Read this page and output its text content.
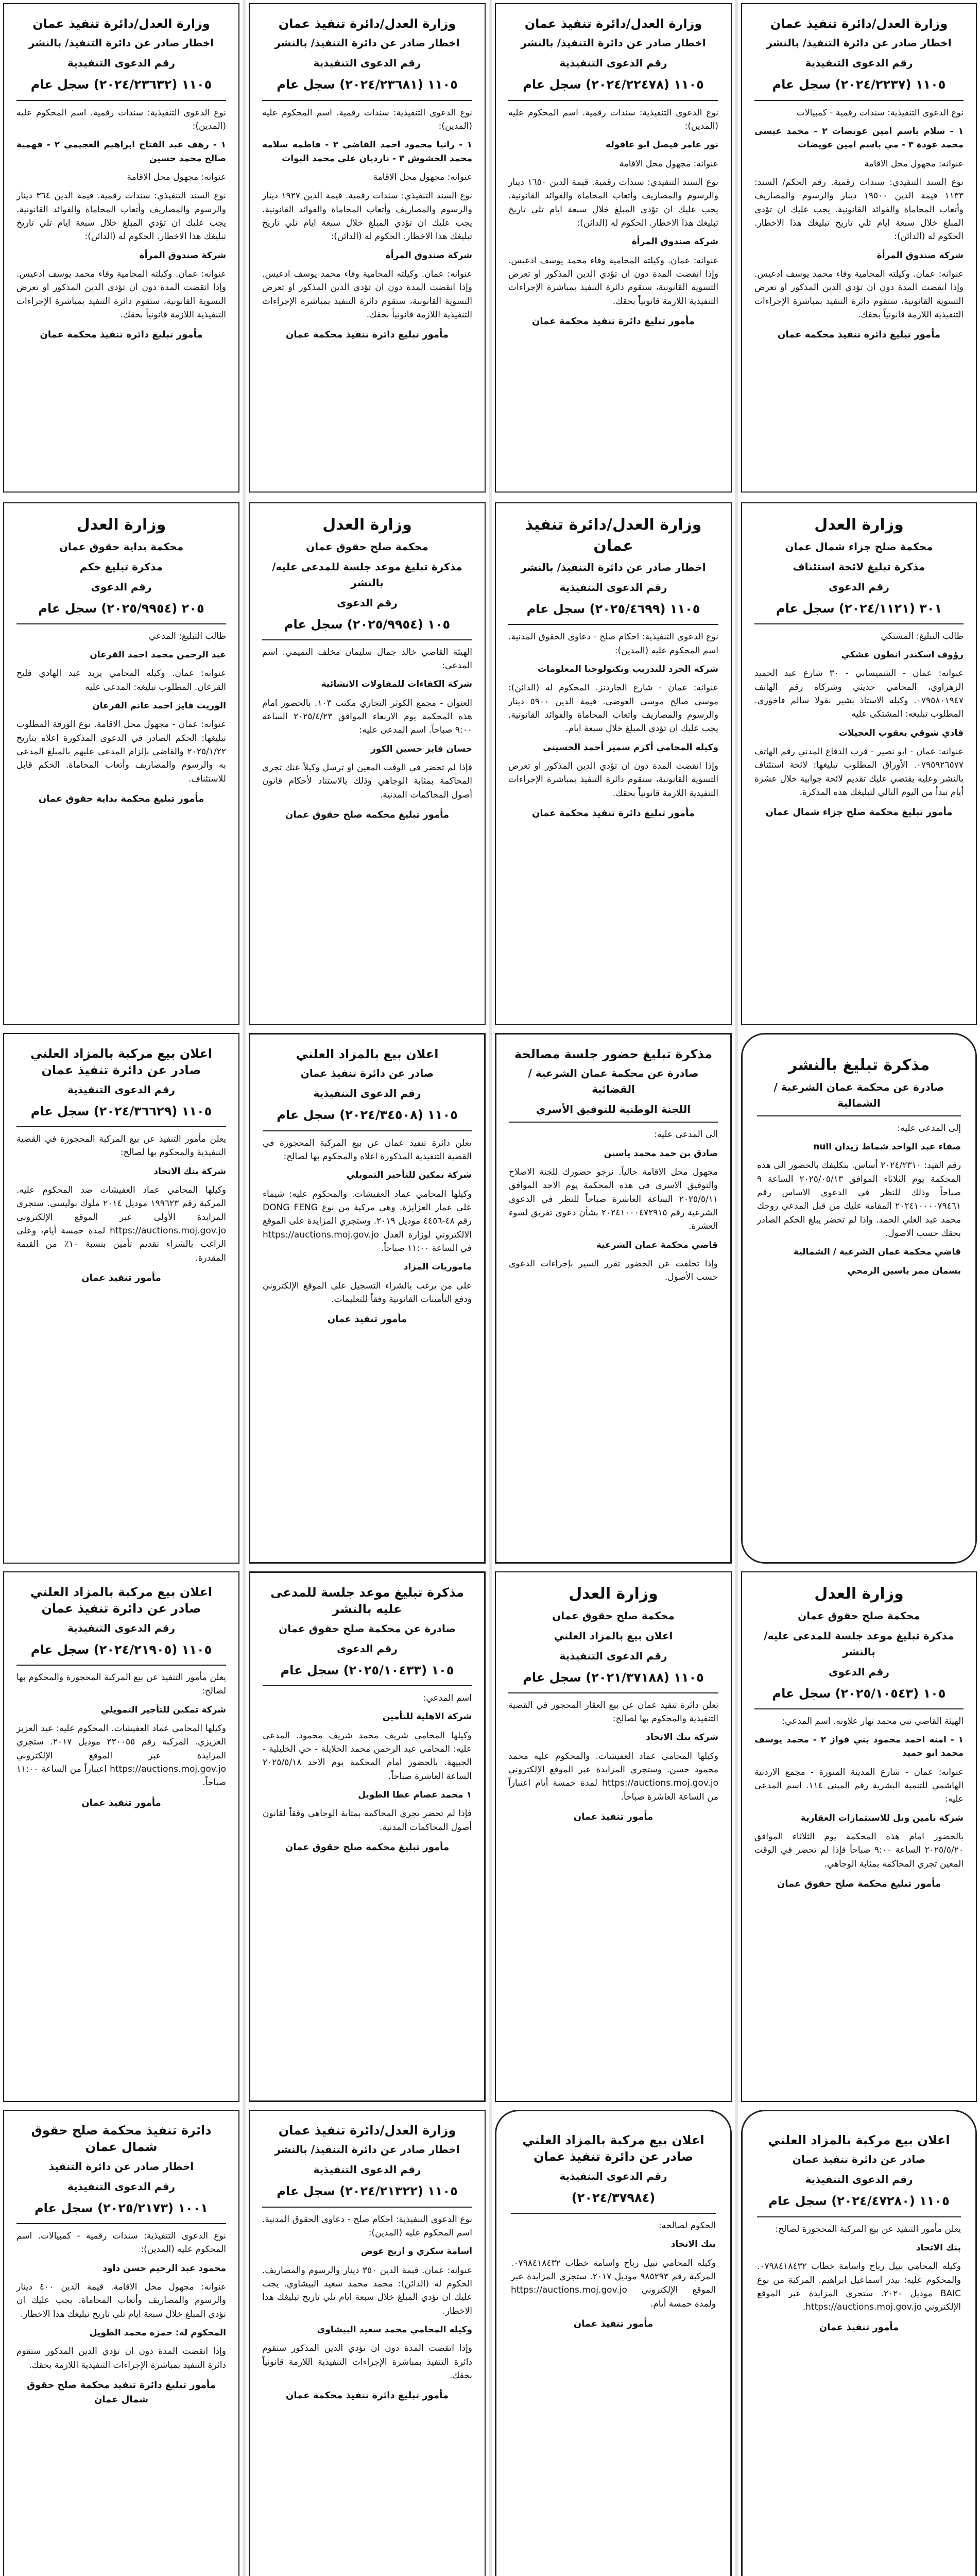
وزارة العدل/دائرة تنفيذ عمان
اخطار صادر عن دائرة التنفيذ/ بالنشر
رقم الدعوى التنفيذية
١١٠٥ (٢٠٢٤/٢٢٣٧) سجل عام

نوع الدعوى التنفيذية: سندات رقمية - كمبيالات

١ - سلام باسم امين عويضات ٢ - محمد عيسى محمد عودة ٣ - مي باسم امين عويضات

عنوانه: مجهول محل الاقامة

نوع السند التنفيذي: سندات رقمية. رقم الحكم/ السند: ١١٣٣ قيمة الدين ١٩٥٠٠ دينار والرسوم والمصاريف وأتعاب المحاماة والفوائد القانونية. يجب عليك ان تؤدي المبلغ خلال سبعة ايام تلي تاريخ تبليغك هذا الاخطار. الحكوم له (الدائن):

شركة صندوق المرأة

عنوانه: عمان. وكيلته المحامية وفاء محمد يوسف ادعيس. وإذا انقضت المدة دون ان تؤدي الدين المذكور او تعرض التسوية القانونية، ستقوم دائرة التنفيذ بمباشرة الإجراءات التنفيذية اللازمة قانونياً بحقك.

مأمور تبليغ دائرة تنفيذ محكمة عمان
وزارة العدل/دائرة تنفيذ عمان
اخطار صادر عن دائرة التنفيذ/ بالنشر
رقم الدعوى التنفيذية
١١٠٥ (٢٠٢٤/٢٢٤٧٨) سجل عام

نوع الدعوى التنفيذية: سندات رقمية. اسم المحكوم عليه (المدين):

نور عامر فيصل ابو عاقوله

عنوانه: مجهول محل الاقامة

نوع السند التنفيذي: سندات رقمية. قيمة الدين ١٦٥٠ دينار والرسوم والمصاريف وأتعاب المحاماة والفوائد القانونية. يجب عليك ان تؤدي المبلغ خلال سبعة ايام تلي تاريخ تبليغك هذا الاخطار. الحكوم له (الدائن):

شركة صندوق المرأة

عنوانه: عمان. وكيلته المحامية وفاء محمد يوسف ادعيس. وإذا انقضت المدة دون ان تؤدي الدين المذكور او تعرض التسوية القانونية، ستقوم دائرة التنفيذ بمباشرة الإجراءات التنفيذية اللازمة قانونياً بحقك.

مأمور تبليغ دائرة تنفيذ محكمة عمان
وزارة العدل/دائرة تنفيذ عمان
اخطار صادر عن دائرة التنفيذ/ بالنشر
رقم الدعوى التنفيذية
١١٠٥ (٢٠٢٤/٢٣٦٨١) سجل عام

نوع الدعوى التنفيذية: سندات رقمية. اسم المحكوم عليه (المدين):

١ - رانيا محمود احمد القاضي ٢ - فاطمه سلامه محمد الحشوش ٣ - نارديان علي محمد البواث

عنوانه: مجهول محل الاقامة

نوع السند التنفيذي: سندات رقمية. قيمة الدين ١٩٢٧ دينار والرسوم والمصاريف وأتعاب المحاماة والفوائد القانونية. يجب عليك ان تؤدي المبلغ خلال سبعة ايام تلي تاريخ تبليغك هذا الاخطار. الحكوم له (الدائن):

شركة صندوق المرأة

عنوانه: عمان. وكيلته المحامية وفاء محمد يوسف ادعيس. وإذا انقضت المدة دون ان تؤدي الدين المذكور او تعرض التسوية القانونية، ستقوم دائرة التنفيذ بمباشرة الإجراءات التنفيذية اللازمة قانونياً بحقك.

مأمور تبليغ دائرة تنفيذ محكمة عمان
وزارة العدل/دائرة تنفيذ عمان
اخطار صادر عن دائرة التنفيذ/ بالنشر
رقم الدعوى التنفيذية
١١٠٥ (٢٠٢٤/٢٣٦٣٢) سجل عام

نوع الدعوى التنفيذية: سندات رقمية. اسم المحكوم عليه (المدين):

١ - رهف عبد الفتاح ابراهيم العجيمي ٢ - فهمية صالح محمد حسين

عنوانه: مجهول محل الاقامة

نوع السند التنفيذي: سندات رقمية. قيمة الدين ٣٦٤ دينار والرسوم والمصاريف وأتعاب المحاماة والفوائد القانونية. يجب عليك ان تؤدي المبلغ خلال سبعة ايام تلي تاريخ تبليغك هذا الاخطار. الحكوم له (الدائن):

شركة صندوق المرأة

عنوانه: عمان. وكيلته المحامية وفاء محمد يوسف ادعيس. وإذا انقضت المدة دون ان تؤدي الدين المذكور او تعرض التسوية القانونية، ستقوم دائرة التنفيذ بمباشرة الإجراءات التنفيذية اللازمة قانونياً بحقك.

مأمور تبليغ دائرة تنفيذ محكمة عمان
وزارة العدل
محكمة صلح جزاء شمال عمان
مذكرة تبليغ لائحة استئناف
رقم الدعوى
٣٠١ (٢٠٢٤/١١٢١) سجل عام

طالب التبليغ: المشتكي

رؤوف اسكندر انطون عشكي

عنوانه: عمان - الشميساني - ٣٠ شارع عبد الحميد الزهراوي، المحامي حديثي وشركاه رقم الهاتف ٠٧٩٥٨٠١٩٤٧. وكيله الاستاذ بشير نقولا سالم فاخوري. المطلوب تبليغه: المشتكى عليه

فادي شوقي يعقوب العجيلات

عنوانه: عمان - ابو نصير - قرب الدفاع المدني رقم الهاتف ٠٧٩٥٩٢٦٥٧٧. الأوراق المطلوب تبليغها: لائحة استئناف بالنشر وعليه يقتضي عليك تقديم لائحة جوابية خلال عشرة أيام تبدأ من اليوم التالي لتبليغك هذه المذكرة.

مأمور تبليغ محكمة صلح جزاء شمال عمان
وزارة العدل/دائرة تنفيذ عمان
اخطار صادر عن دائرة التنفيذ/ بالنشر
رقم الدعوى التنفيذية
١١٠٥ (٢٠٢٥/٤٦٩٩) سجل عام

نوع الدعوى التنفيذية: احكام صلح - دعاوى الحقوق المدنية. اسم المحكوم عليه (المدين):

شركة الجرد للتدريب وتكنولوجيا المعلومات

عنوانه: عمان - شارع الجاردنز. المحكوم له (الدائن): موسى صالح موسى العوضي. قيمة الدين ٥٩٠٠ دينار والرسوم والمصاريف وأتعاب المحاماة والفوائد القانونية. يجب عليك ان تؤدي المبلغ خلال سبعة ايام.

وكيله المحامي أكرم سمير أحمد الحسيني

وإذا انقضت المدة دون ان تؤدي الدين المذكور او تعرض التسوية القانونية، ستقوم دائرة التنفيذ بمباشرة الإجراءات التنفيذية اللازمة قانونياً بحقك.

مأمور تبليغ دائرة تنفيذ محكمة عمان
وزارة العدل
محكمة صلح حقوق عمان
مذكرة تبليغ موعد جلسة للمدعى عليه/ بالنشر
رقم الدعوى
١٠٥ (٢٠٢٥/٩٩٥٤) سجل عام

الهيئة القاضي خالد جمال سليمان مخلف التميمي. اسم المدعي:

شركة الكفاءات للمقاولات الانشائية

العنوان - مجمع الكوثر التجاري مكتب ١٠٣. بالحضور امام هذه المحكمة يوم الاربعاء الموافق ٢٠٢٥/٤/٢٣ الساعة ٩:٠٠ صباحاً. اسم المدعى عليه:

حسان فايز حسين الكوز

فإذا لم تحضر في الوقت المعين او ترسل وكيلاً عنك تجري المحاكمة بمثابة الوجاهي وذلك بالاستناد لأحكام قانون أصول المحاكمات المدنية.

مأمور تبليغ محكمة صلح حقوق عمان
وزارة العدل
محكمة بداية حقوق عمان
مذكرة تبليغ حكم
رقم الدعوى
٢٠٥ (٢٠٢٥/٩٩٥٤) سجل عام

طالب التبليغ: المدعي

عبد الرحمن محمد احمد القرعان

عنوانه: عمان. وكيله المحامي يزيد عبد الهادي فليح القرعان. المطلوب تبليغه: المدعى عليه

الوريث فايز احمد غانم القرعان

عنوانه: عمان - مجهول محل الاقامة. نوع الورقة المطلوب تبليغها: الحكم الصادر في الدعوى المذكورة اعلاه بتاريخ ٢٠٢٥/١/٢٢ والقاضي بإلزام المدعى عليهم بالمبلغ المدعى به والرسوم والمصاريف وأتعاب المحاماة. الحكم قابل للاستئناف.

مأمور تبليغ محكمة بداية حقوق عمان
مذكرة تبليغ بالنشر
صادرة عن محكمة عمان الشرعية / الشمالية

إلى المدعى عليه:

صفاء عبد الواحد شماط زيدان null

رقم القيد: ٢٠٢٤/٢٣١٠ أساس. بتكليفك بالحضور الى هذه المحكمة يوم الثلاثاء الموافق ٢٠٢٥/٠٥/١٣ الساعة ٩ صباحاً وذلك للنظر في الدعوى الاساس رقم ٢٠٢٤١٠٠٠٠٧٩٤٦١ المقامة عليك من قبل المدعي زوجك محمد عبد العلي الحمد. واذا لم تحضر يبلغ الحكم الصادر بحقك حسب الاصول.

قاضي محكمة عمان الشرعية / الشمالية

بسمان ممر ياسين الرمحي

مذكرة تبليغ حضور جلسة مصالحة
صادرة عن محكمة عمان الشرعية / القضائية
اللجنة الوطنية للتوفيق الأسري

الى المدعى عليه:

صادق بن حمد محمد ياسين

مجهول محل الاقامة حالياً. نرجو حضورك للجنة الاصلاح والتوفيق الاسري في هذه المحكمة يوم الاحد الموافق ٢٠٢٥/٥/١١ الساعة العاشرة صباحاً للنظر في الدعوى الشرعية رقم ٢٠٢٤١٠٠٠٤٧٢٩١٥ بشأن دعوى تفريق لسوء العشرة.

قاضي محكمة عمان الشرعية

وإذا تخلفت عن الحضور تقرر السير بإجراءات الدعوى حسب الأصول.

اعلان بيع بالمزاد العلني
صادر عن دائرة تنفيذ عمان
رقم الدعوى التنفيذية
١١٠٥ (٢٠٢٤/٣٤٥٠٨) سجل عام

تعلن دائرة تنفيذ عمان عن بيع المركبة المحجوزة في القضية التنفيذية المذكورة اعلاه والمحكوم بها لصالح:

شركة تمكين للتأجير التمويلي

وكيلها المحامي عماد العفيشات. والمحكوم عليه: شيماء علي عمار العزايزة. وهي مركبة من نوع DONG FENG رقم ٤٨-٤٤٥٦ موديل ٢٠١٩. وستجري المزايدة على الموقع الالكتروني لوزارة العدل https://auctions.moj.gov.jo في الساعة ١١:٠٠ صباحاً.

ماموريات المزاد

على من يرغب بالشراء التسجيل على الموقع الإلكتروني ودفع التأمينات القانونية وفقاً للتعليمات.

مأمور تنفيذ عمان
اعلان بيع مركبة بالمزاد العلني صادر عن دائرة تنفيذ عمان
رقم الدعوى التنفيذية
١١٠٥ (٢٠٢٤/٣٦٦٢٩) سجل عام

يعلن مأمور التنفيذ عن بيع المركبة المحجوزة في القضية التنفيذية والمحكوم بها لصالح:

شركة بنك الاتحاد

وكيلها المحامي عماد العفيشات ضد المحكوم عليه. المركبة رقم ١٩٩٦٢٣ موديل ٢٠١٤ ملوك بوليسي. ستجري المزايدة الأولى عبر الموقع الإلكتروني https://auctions.moj.gov.jo لمدة خمسة أيام، وعلى الراغب بالشراء تقديم تأمين بنسبة ١٠٪ من القيمة المقدرة.

مأمور تنفيذ عمان
وزارة العدل
محكمة صلح حقوق عمان
مذكرة تبليغ موعد جلسة للمدعى عليه/ بالنشر
رقم الدعوى
١٠٥ (٢٠٢٥/١٠٥٤٣) سجل عام

الهيئة القاضي نبي محمد نهار علاونه. اسم المدعي:

١ - امنه احمد محمود بني فواز ٢ - محمد يوسف محمد ابو حميد

عنوانه: عمان - شارع المدينة المنورة - مجمع الاردنية الهاشمي للتنمية البشرية رقم المبنى ١١٤. اسم المدعى عليه:

شركة تامين ويل للاستثمارات العقارية

بالحضور امام هذه المحكمة يوم الثلاثاء الموافق ٢٠٢٥/٥/٢٠ الساعة ٩:٠٠ صباحاً فإذا لم تحضر في الوقت المعين تجري المحاكمة بمثابة الوجاهي.

مأمور تبليغ محكمة صلح حقوق عمان
وزارة العدل
محكمة صلح حقوق عمان
اعلان بيع بالمزاد العلني
رقم الدعوى التنفيذية
١١٠٥ (٢٠٢١/٣٧١٨٨) سجل عام

تعلن دائرة تنفيذ عمان عن بيع العقار المحجوز في القضية التنفيذية والمحكوم بها لصالح:

شركة بنك الاتحاد

وكيلها المحامي عماد العفيشات. والمحكوم عليه محمد محمود حسن. وستجري المزايدة عبر الموقع الإلكتروني https://auctions.moj.gov.jo لمدة خمسة أيام اعتباراً من الساعة العاشرة صباحاً.

مأمور تنفيذ عمان
مذكرة تبليغ موعد جلسة للمدعى عليه بالنشر
صادرة عن محكمة صلح حقوق عمان
رقم الدعوى
١٠٥ (٢٠٢٥/١٠٤٣٣) سجل عام

اسم المدعي:

شركة الاهلية للتأمين

وكيلها المحامي شريف محمد شريف محمود. المدعى عليه: المحامي عبد الرحمن محمد الخلايلة - حي الخليلية - الجبيهة. بالحضور امام المحكمة يوم الاحد ٢٠٢٥/٥/١٨ الساعة العاشرة صباحاً.

١ محمد عصام عطا الطويل

فإذا لم تحضر تجري المحاكمة بمثابة الوجاهي وفقاً لقانون أصول المحاكمات المدنية.

مأمور تبليغ محكمة صلح حقوق عمان
اعلان بيع مركبة بالمزاد العلني صادر عن دائرة تنفيذ عمان
رقم الدعوى التنفيذية
١١٠٥ (٢٠٢٤/٢١٩٠٥) سجل عام

يعلن مأمور التنفيذ عن بيع المركبة المحجوزة والمحكوم بها لصالح:

شركة تمكين للتأجير التمويلي

وكيلها المحامي عماد العفيشات. المحكوم عليه: عبد العزيز العزيزي. المركبة رقم ٢٣٠٠٥٥ موديل ٢٠١٧. ستجري المزايدة عبر الموقع الإلكتروني https://auctions.moj.gov.jo اعتباراً من الساعة ١١:٠٠ صباحاً.

مأمور تنفيذ عمان
اعلان بيع مركبة بالمزاد العلني
صادر عن دائرة تنفيذ عمان
رقم الدعوى التنفيذية
١١٠٥ (٢٠٢٤/٤٧٢٨٠) سجل عام

يعلن مأمور التنفيذ عن بيع المركبة المحجوزة لصالح:

بنك الاتحاد

وكيله المحامي نبيل رباح واسامة خطاب ٠٧٩٨٤١٨٤٣٢. والمحكوم عليه: بيدر اسماعيل ابراهيم. المركبة من نوع BAIC موديل ٢٠٢٠. ستجري المزايدة عبر الموقع الإلكتروني https://auctions.moj.gov.jo.

مأمور تنفيذ عمان
اعلان بيع مركبة بالمزاد العلني صادر عن دائرة تنفيذ عمان
رقم الدعوى التنفيذية
(٢٠٢٤/٣٧٩٨٤)

الحكوم لصالحه:

بنك الاتحاد

وكيله المحامي نبيل رباح واسامة خطاب ٠٧٩٨٤١٨٤٣٢. المركبة رقم ٩٨٥٢٩٣ موديل ٢٠١٧. ستجري المزايدة عبر الموقع الإلكتروني https://auctions.moj.gov.jo ولمدة خمسة أيام.

مأمور تنفيذ عمان
وزارة العدل/دائرة تنفيذ عمان
اخطار صادر عن دائرة التنفيذ/ بالنشر
رقم الدعوى التنفيذية
١١٠٥ (٢٠٢٤/٢١٣٢٢) سجل عام

نوع الدعوى التنفيذية: احكام صلح - دعاوى الحقوق المدنية. اسم المحكوم عليه (المدين):

اسامة سكري و اريج عوض

عنوانه: عمان. قيمة الدين ٣٥٠ دينار والرسوم والمصاريف. الحكوم له (الدائن): محمد محمد سعيد البيشاوي. يجب عليك ان تؤدي المبلغ خلال سبعة ايام تلي تاريخ تبليغك هذا الاخطار.

وكيله المحامي محمد سعيد البيشاوي

وإذا انقضت المدة دون ان تؤدي الدين المذكور ستقوم دائرة التنفيذ بمباشرة الإجراءات التنفيذية اللازمة قانونياً بحقك.

مأمور تبليغ دائرة تنفيذ محكمة عمان
دائرة تنفيذ محكمة صلح حقوق شمال عمان
اخطار صادر عن دائرة التنفيذ
رقم الدعوى التنفيذية
١٠٠١ (٢٠٢٥/٢١٧٣) سجل عام

نوع الدعوى التنفيذية: سندات رقمية - كمبيالات. اسم المحكوم عليه (المدين):

محمود عبد الرحيم حسن داود

عنوانه: مجهول محل الاقامة. قيمة الدين ٤٠٠ دينار والرسوم والمصاريف وأتعاب المحاماة. يجب عليك ان تؤدي المبلغ خلال سبعة ايام تلي تاريخ تبليغك هذا الاخطار.

المحكوم له: حمزه محمد الطويل

وإذا انقضت المدة دون ان تؤدي الدين المذكور ستقوم دائرة التنفيذ بمباشرة الإجراءات التنفيذية اللازمة بحقك.

مأمور تبليغ دائرة تنفيذ محكمة صلح حقوق شمال عمان
